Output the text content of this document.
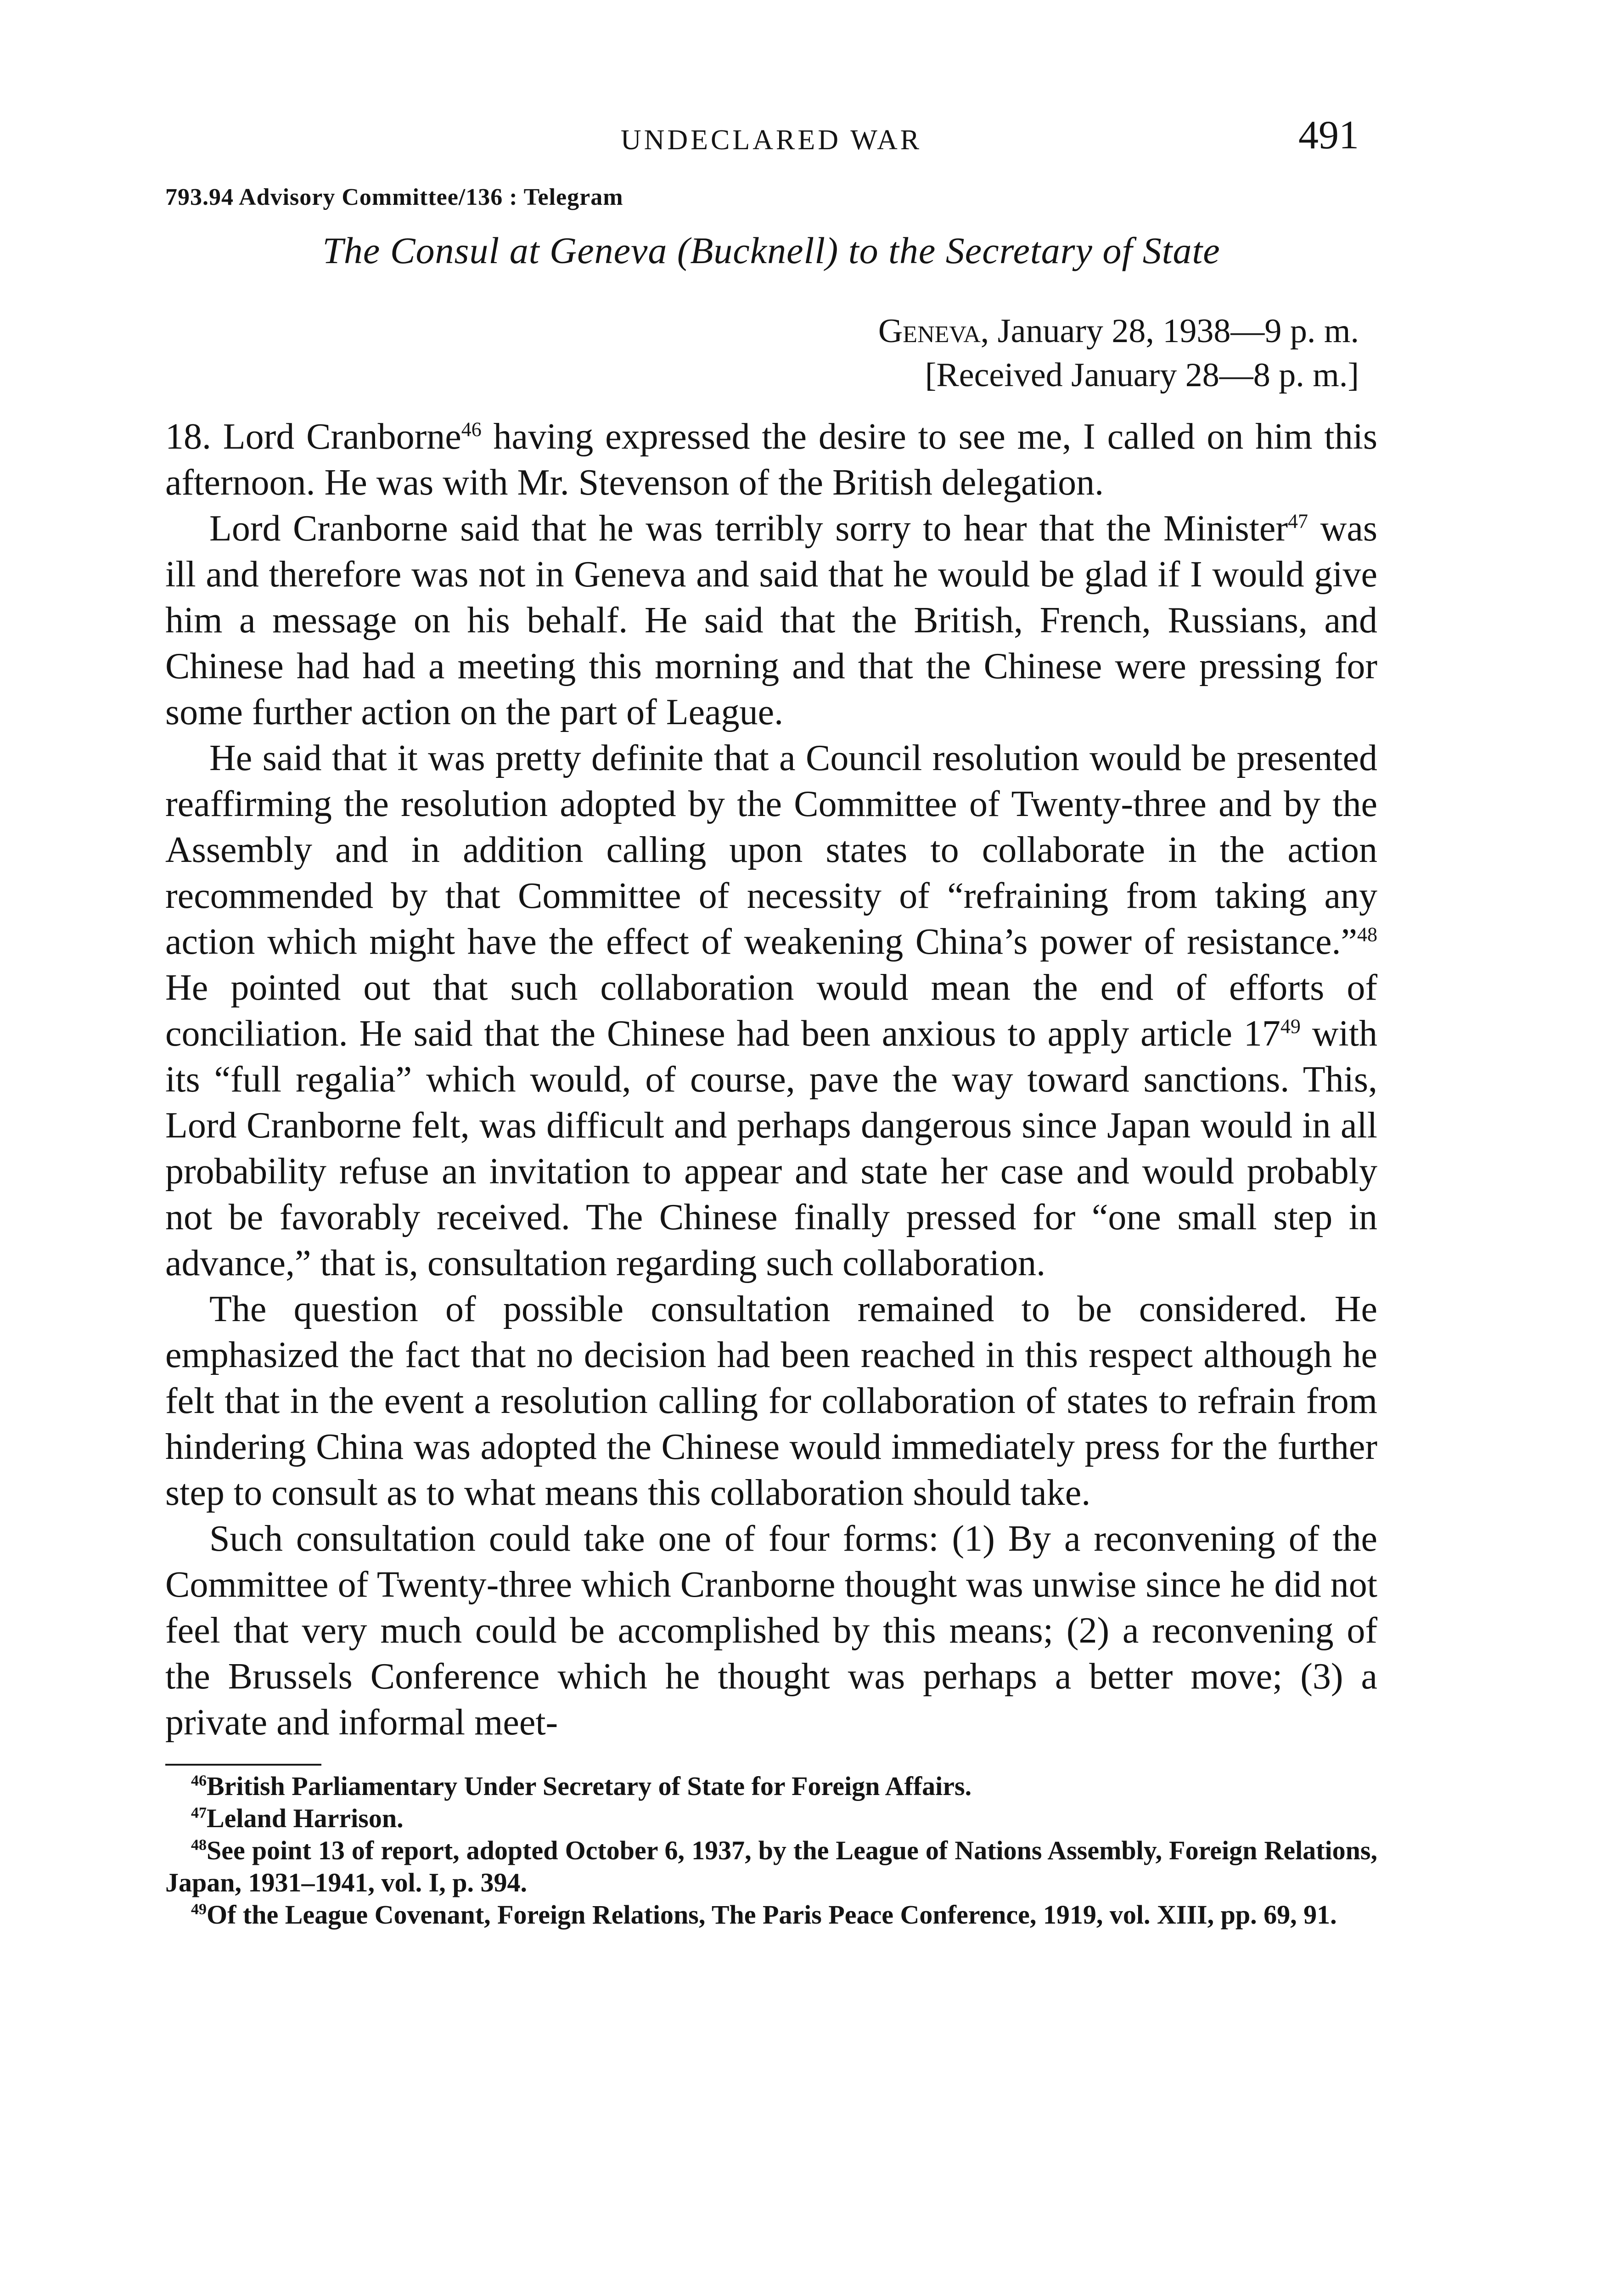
UNDECLARED WAR	491
793.94 Advisory Committee/136 : Telegram
The Consul at Geneva (Bucknell) to the Secretary of State
Geneva, January 28, 1938—9 p. m.
[Received January 28—8 p. m.]

18. Lord Cranborne$^{46}$ having expressed the desire to see me, I called on him this afternoon. He was with Mr. Stevenson of the British delegation.

Lord Cranborne said that he was terribly sorry to hear that the Minister$^{47}$ was ill and therefore was not in Geneva and said that he would be glad if I would give him a message on his behalf. He said that the British, French, Russians, and Chinese had had a meeting this morning and that the Chinese were pressing for some further action on the part of League.

He said that it was pretty definite that a Council resolution would be presented reaffirming the resolution adopted by the Committee of Twenty-three and by the Assembly and in addition calling upon states to collaborate in the action recommended by that Committee of necessity of “refraining from taking any action which might have the effect of weakening China’s power of resistance.”$^{48}$ He pointed out that such collaboration would mean the end of efforts of conciliation. He said that the Chinese had been anxious to apply article 17$^{49}$ with its “full regalia” which would, of course, pave the way toward sanctions. This, Lord Cranborne felt, was difficult and perhaps dangerous since Japan would in all probability refuse an invitation to appear and state her case and would probably not be favorably received. The Chinese finally pressed for “one small step in advance,” that is, consultation regarding such collaboration.

The question of possible consultation remained to be considered. He emphasized the fact that no decision had been reached in this respect although he felt that in the event a resolution calling for collaboration of states to refrain from hindering China was adopted the Chinese would immediately press for the further step to consult as to what means this collaboration should take.

Such consultation could take one of four forms: (1) By a reconvening of the Committee of Twenty-three which Cranborne thought was unwise since he did not feel that very much could be accomplished by this means; (2) a reconvening of the Brussels Conference which he thought was perhaps a better move; (3) a private and informal meet-

$^{46}$British Parliamentary Under Secretary of State for Foreign Affairs.

$^{47}$Leland Harrison.

$^{48}$See point 13 of report, adopted October 6, 1937, by the League of Nations Assembly, Foreign Relations, Japan, 1931–1941, vol. I, p. 394.

$^{49}$Of the League Covenant, Foreign Relations, The Paris Peace Conference, 1919, vol. XIII, pp. 69, 91.
